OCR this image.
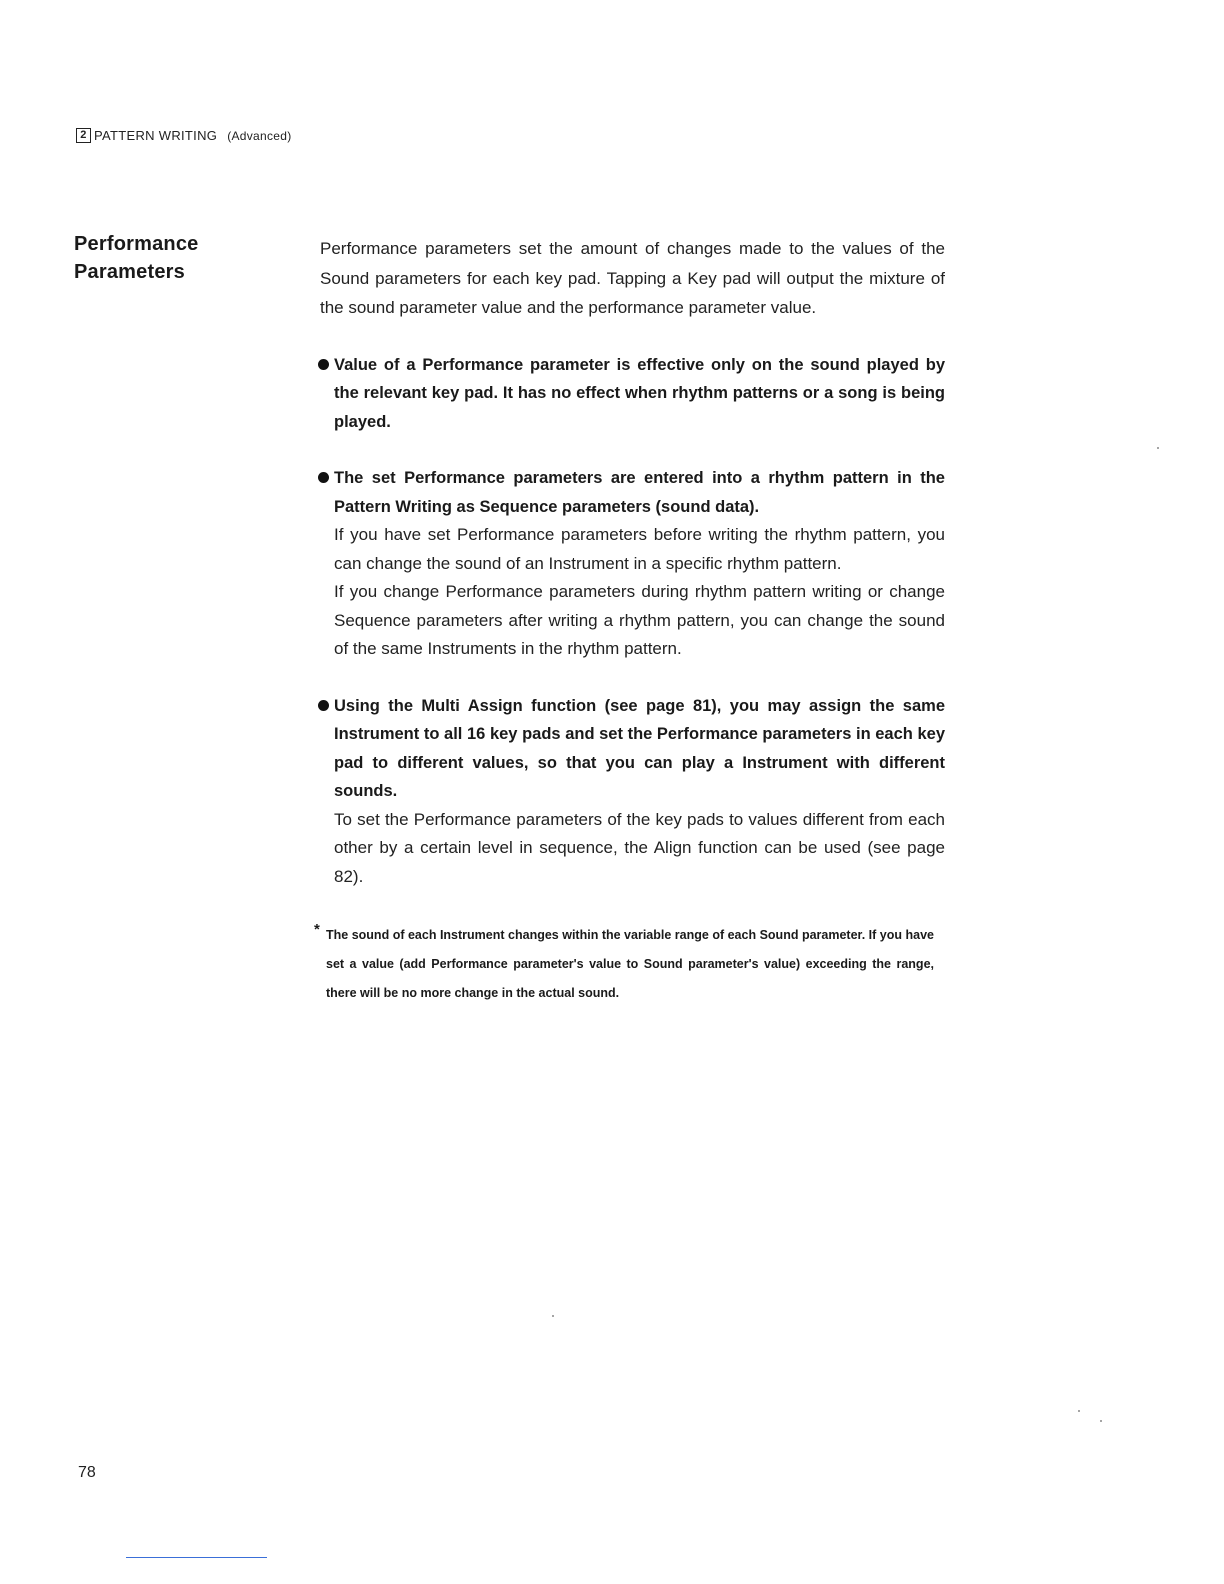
2 PATTERN WRITING (Advanced)
Performance
Parameters

Performance parameters set the amount of changes made to the values of the Sound parameters for each key pad. Tapping a Key pad will output the mixture of the sound parameter value and the performance parameter value.

Value of a Performance parameter is effective only on the sound played by the relevant key pad. It has no effect when rhythm patterns or a song is being played.

The set Performance parameters are entered into a rhythm pattern in the Pattern Writing as Sequence parameters (sound data).

If you have set Performance parameters before writing the rhythm pattern, you can change the sound of an Instrument in a specific rhythm pattern.

If you change Performance parameters during rhythm pattern writing or change Sequence parameters after writing a rhythm pattern, you can change the sound of the same Instruments in the rhythm pattern.

Using the Multi Assign function (see page 81), you may assign the same Instrument to all 16 key pads and set the Performance parameters in each key pad to different values, so that you can play a Instrument with different sounds.

To set the Performance parameters of the key pads to values different from each other by a certain level in sequence, the Align function can be used (see page 82).

* The sound of each Instrument changes within the variable range of each Sound parameter. If you have set a value (add Performance parameter's value to Sound parameter's value) exceeding the range, there will be no more change in the actual sound.

78
